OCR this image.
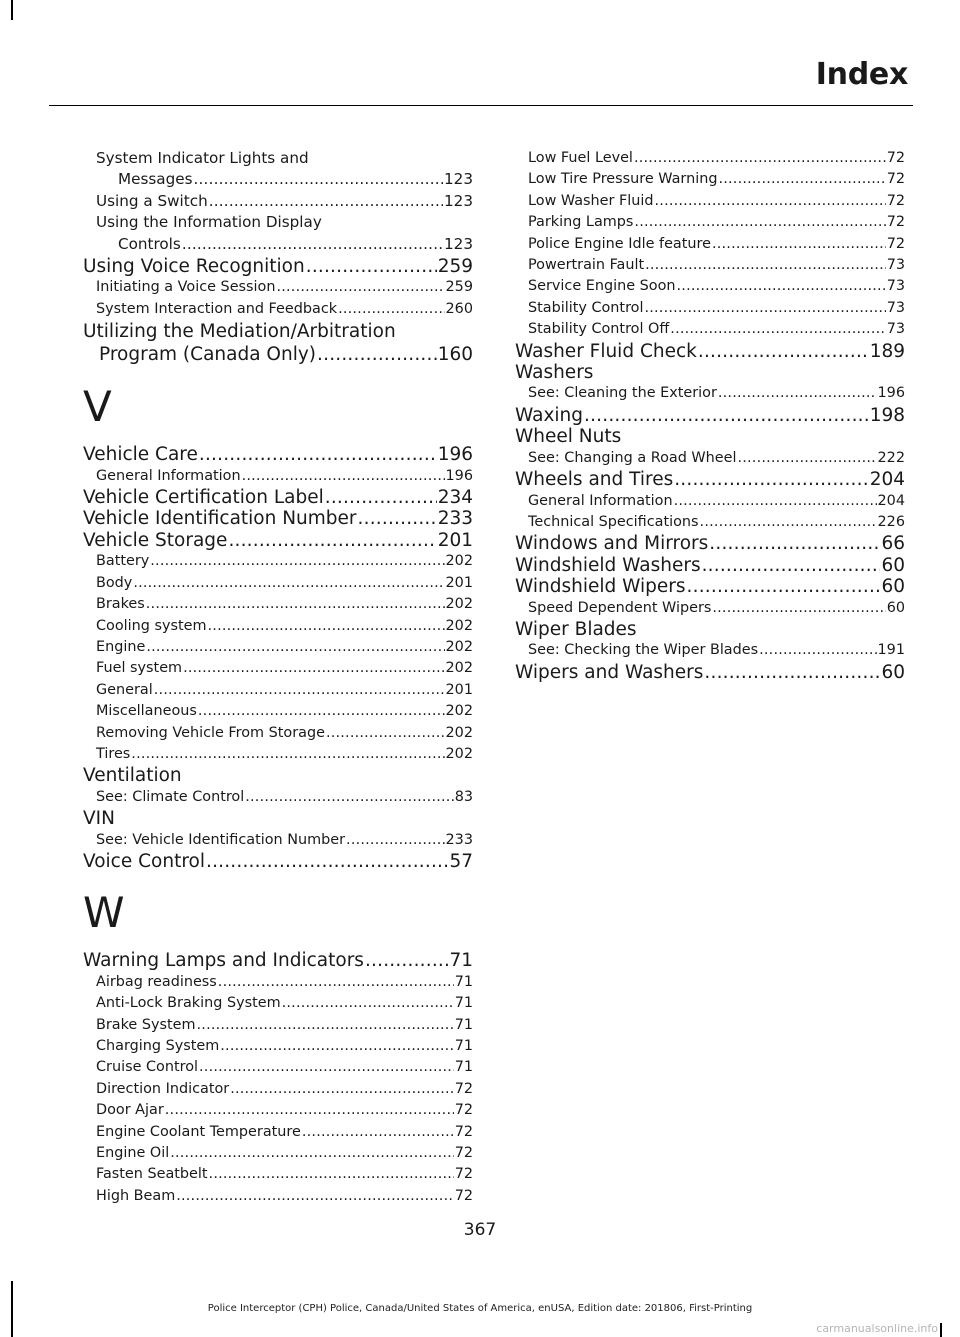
Index
System Indicator Lights and
Messages .....	123
Using a Switch .....	123
Using the Information Display
Controls .....	123
Using Voice Recognition .....	259
Initiating a Voice Session .....	259
System Interaction and Feedback .....	260
Utilizing the Mediation/Arbitration
Program (Canada Only) .....	160
V
Vehicle Care .....	196
General Information .....	196
Vehicle Certification Label .....	234
Vehicle Identification Number .....	233
Vehicle Storage .....	201
Battery .....	202
Body .....	201
Brakes .....	202
Cooling system .....	202
Engine .....	202
Fuel system .....	202
General .....	201
Miscellaneous .....	202
Removing Vehicle From Storage .....	202
Tires .....	202
Ventilation
See: Climate Control .....	83
VIN
See: Vehicle Identification Number .....	233
Voice Control .....	57
W
Warning Lamps and Indicators .....	71
Airbag readiness .....	71
Anti-Lock Braking System .....	71
Brake System .....	71
Charging System .....	71
Cruise Control .....	71
Direction Indicator .....	72
Door Ajar .....	72
Engine Coolant Temperature .....	72
Engine Oil .....	72
Fasten Seatbelt .....	72
High Beam .....	72
Low Fuel Level .....	72
Low Tire Pressure Warning .....	72
Low Washer Fluid .....	72
Parking Lamps .....	72
Police Engine Idle feature .....	72
Powertrain Fault .....	73
Service Engine Soon .....	73
Stability Control .....	73
Stability Control Off .....	73
Washer Fluid Check .....	189
Washers
See: Cleaning the Exterior .....	196
Waxing .....	198
Wheel Nuts
See: Changing a Road Wheel .....	222
Wheels and Tires .....	204
General Information .....	204
Technical Specifications .....	226
Windows and Mirrors .....	66
Windshield Washers .....	60
Windshield Wipers .....	60
Speed Dependent Wipers .....	60
Wiper Blades
See: Checking the Wiper Blades .....	191
Wipers and Washers .....	60
367
Police Interceptor (CPH) Police, Canada/United States of America, enUSA, Edition date: 201806, First-Printing
carmanualsonline.info
